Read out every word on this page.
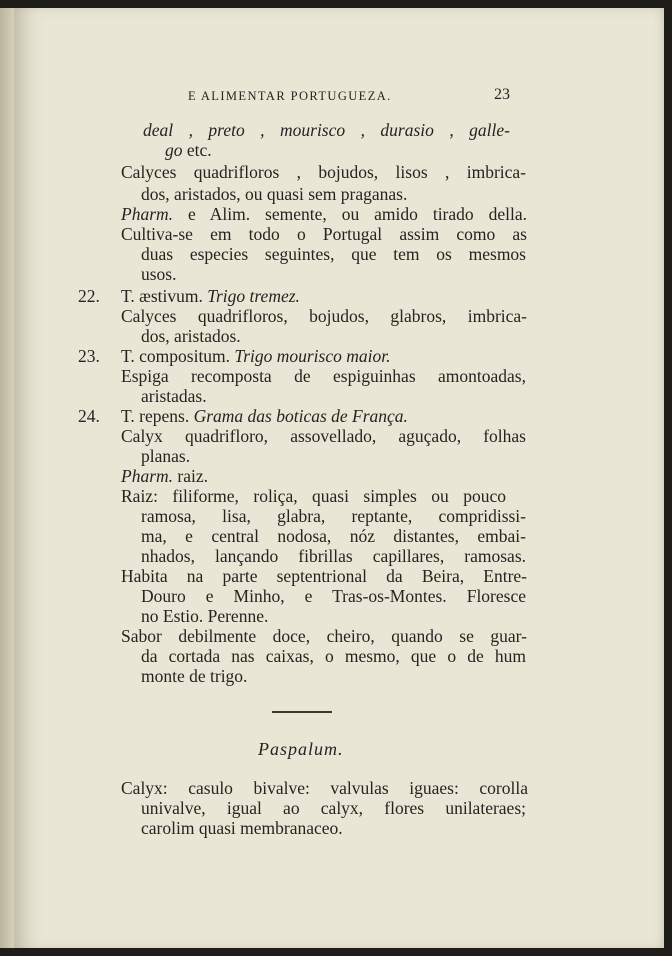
E ALIMENTAR PORTUGUEZA.	23
deal , preto , mourisco , durasio , galle-
go etc.
Calyces quadrifloros , bojudos, lisos , imbrica-
dos, aristados, ou quasi sem praganas.
Pharm. e Alim. semente, ou amido tirado della.
Cultiva-se em todo o Portugal assim como as
duas especies seguintes, que tem os mesmos
usos.
22. T. æstivum. Trigo tremez.
Calyces quadrifloros, bojudos, glabros, imbrica-
dos, aristados.
23. T. compositum. Trigo mourisco maior.
Espiga recomposta de espiguinhas amontoadas,
aristadas.
24. T. repens. Grama das boticas de França.
Calyx quadrifloro, assovellado, aguçado, folhas
planas.
Pharm. raiz.
Raiz: filiforme, roliça, quasi simples ou pouco
ramosa, lisa, glabra, reptante, compridissi-
ma, e central nodosa, nóz distantes, embai-
nhados, lançando fibrillas capillares, ramosas.
Habita na parte septentrional da Beira, Entre-
Douro e Minho, e Tras-os-Montes. Floresce
no Estio. Perenne.
Sabor debilmente doce, cheiro, quando se guar-
da cortada nas caixas, o mesmo, que o de hum
monte de trigo.
Paspalum.
Calyx: casulo bivalve: valvulas iguaes: corolla
univalve, igual ao calyx, flores unilateraes;
carolim quasi membranaceo.
